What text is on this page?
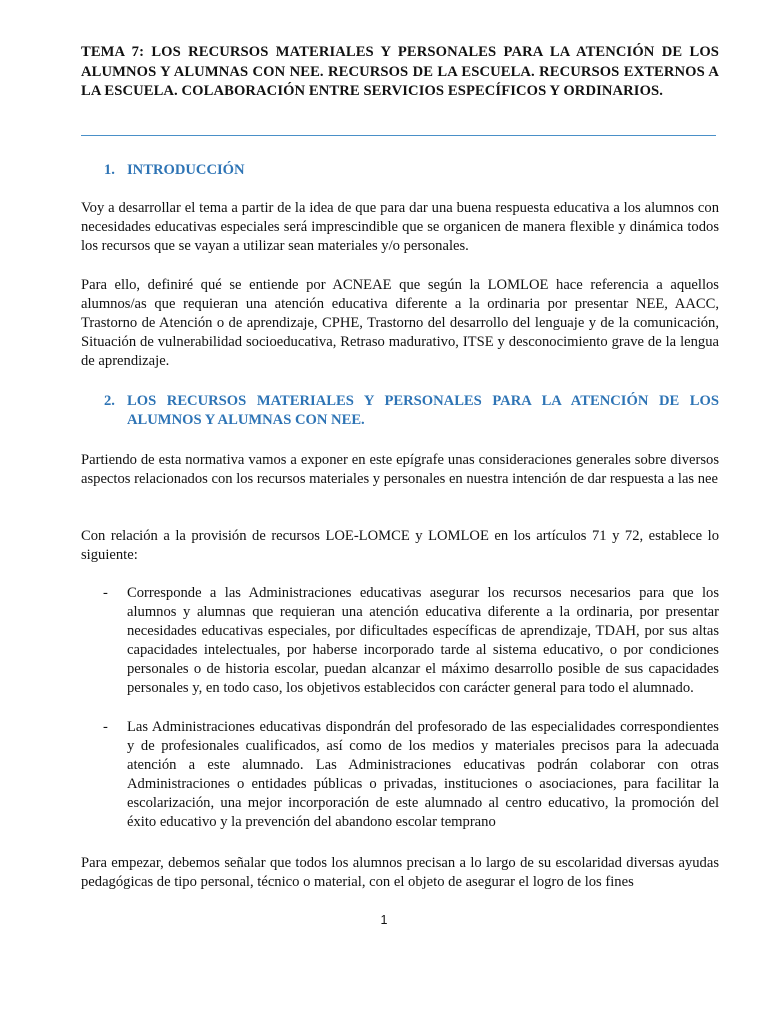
TEMA 7: LOS RECURSOS MATERIALES Y PERSONALES PARA LA ATENCIÓN DE LOS ALUMNOS Y ALUMNAS CON NEE. RECURSOS DE LA ESCUELA. RECURSOS EXTERNOS A LA ESCUELA. COLABORACIÓN ENTRE SERVICIOS ESPECÍFICOS Y ORDINARIOS.

1. INTRODUCCIÓN

Voy a desarrollar el tema a partir de la idea de que para dar una buena respuesta educativa a los alumnos con necesidades educativas especiales será imprescindible que se organicen de manera flexible y dinámica todos los recursos que se vayan a utilizar sean materiales y/o personales.

Para ello, definiré qué se entiende por ACNEAE que según la LOMLOE hace referencia a aquellos alumnos/as que requieran una atención educativa diferente a la ordinaria por presentar NEE, AACC, Trastorno de Atención o de aprendizaje, CPHE, Trastorno del desarrollo del lenguaje y de la comunicación, Situación de vulnerabilidad socioeducativa, Retraso madurativo, ITSE y desconocimiento grave de la lengua de aprendizaje.

2. LOS RECURSOS MATERIALES Y PERSONALES PARA LA ATENCIÓN DE LOS ALUMNOS Y ALUMNAS CON NEE.

Partiendo de esta normativa vamos a exponer en este epígrafe unas consideraciones generales sobre diversos aspectos relacionados con los recursos materiales y personales en nuestra intención de dar respuesta a las nee

Con relación a la provisión de recursos LOE-LOMCE y LOMLOE en los artículos 71 y 72, establece lo siguiente:

- Corresponde a las Administraciones educativas asegurar los recursos necesarios para que los alumnos y alumnas que requieran una atención educativa diferente a la ordinaria, por presentar necesidades educativas especiales, por dificultades específicas de aprendizaje, TDAH, por sus altas capacidades intelectuales, por haberse incorporado tarde al sistema educativo, o por condiciones personales o de historia escolar, puedan alcanzar el máximo desarrollo posible de sus capacidades personales y, en todo caso, los objetivos establecidos con carácter general para todo el alumnado.

- Las Administraciones educativas dispondrán del profesorado de las especialidades correspondientes y de profesionales cualificados, así como de los medios y materiales precisos para la adecuada atención a este alumnado. Las Administraciones educativas podrán colaborar con otras Administraciones o entidades públicas o privadas, instituciones o asociaciones, para facilitar la escolarización, una mejor incorporación de este alumnado al centro educativo, la promoción del éxito educativo y la prevención del abandono escolar temprano

Para empezar, debemos señalar que todos los alumnos precisan a lo largo de su escolaridad diversas ayudas pedagógicas de tipo personal, técnico o material, con el objeto de asegurar el logro de los fines

1
